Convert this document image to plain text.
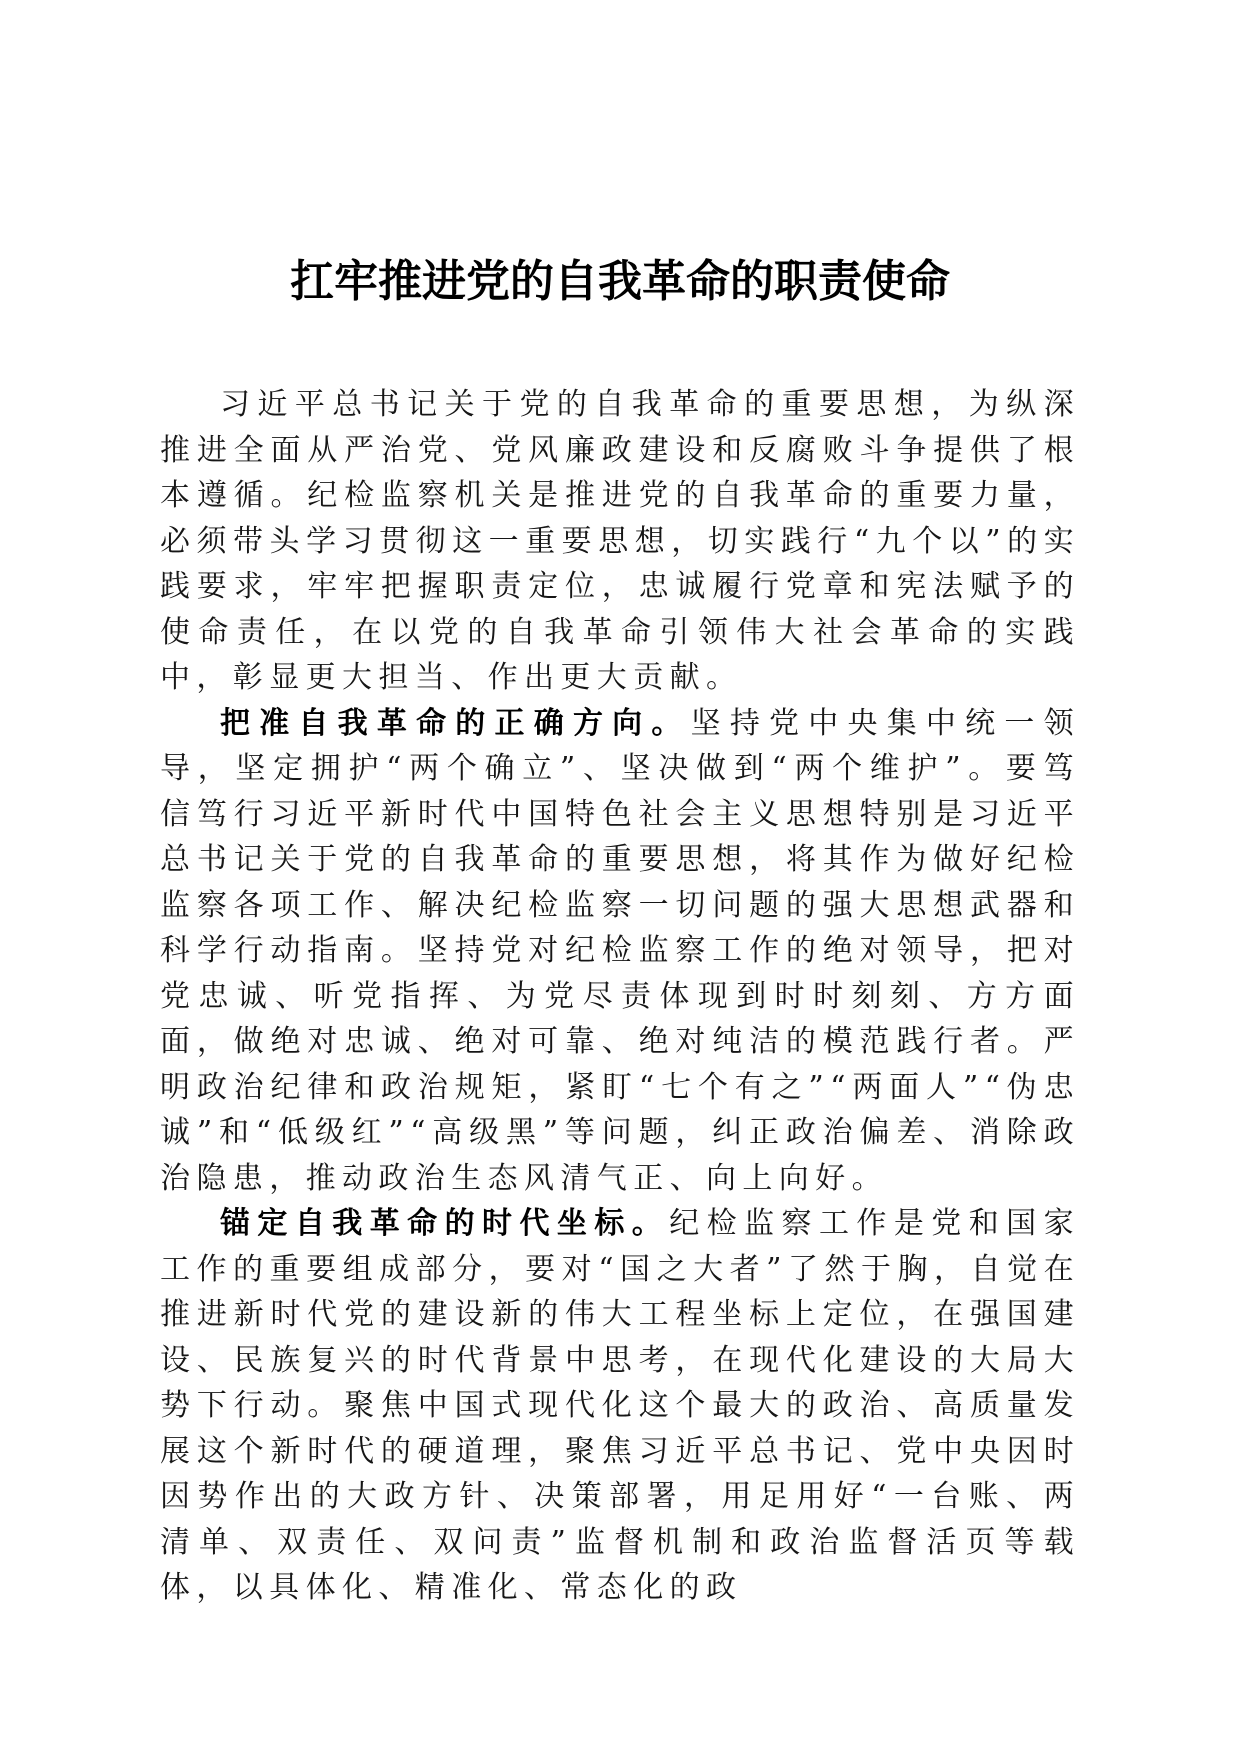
扛牢推进党的自我革命的职责使命

习近平总书记关于党的自我革命的重要思想，为纵深推进全面从严治党、党风廉政建设和反腐败斗争提供了根本遵循。纪检监察机关是推进党的自我革命的重要力量，必须带头学习贯彻这一重要思想，切实践行“九个以”的实践要求，牢牢把握职责定位，忠诚履行党章和宪法赋予的使命责任，在以党的自我革命引领伟大社会革命的实践中，彰显更大担当、作出更大贡献。

把准自我革命的正确方向。坚持党中央集中统一领导，坚定拥护“两个确立”、坚决做到“两个维护”。要笃信笃行习近平新时代中国特色社会主义思想特别是习近平总书记关于党的自我革命的重要思想，将其作为做好纪检监察各项工作、解决纪检监察一切问题的强大思想武器和科学行动指南。坚持党对纪检监察工作的绝对领导，把对党忠诚、听党指挥、为党尽责体现到时时刻刻、方方面面，做绝对忠诚、绝对可靠、绝对纯洁的模范践行者。严明政治纪律和政治规矩，紧盯“七个有之”“两面人”“伪忠诚”和“低级红”“高级黑”等问题，纠正政治偏差、消除政治隐患，推动政治生态风清气正、向上向好。

锚定自我革命的时代坐标。纪检监察工作是党和国家工作的重要组成部分，要对“国之大者”了然于胸，自觉在推进新时代党的建设新的伟大工程坐标上定位，在强国建设、民族复兴的时代背景中思考，在现代化建设的大局大势下行动。聚焦中国式现代化这个最大的政治、高质量发展这个新时代的硬道理，聚焦习近平总书记、党中央因时因势作出的大政方针、决策部署，用足用好“一台账、两清单、双责任、双问责”监督机制和政治监督活页等载体，以具体化、精准化、常态化的政
